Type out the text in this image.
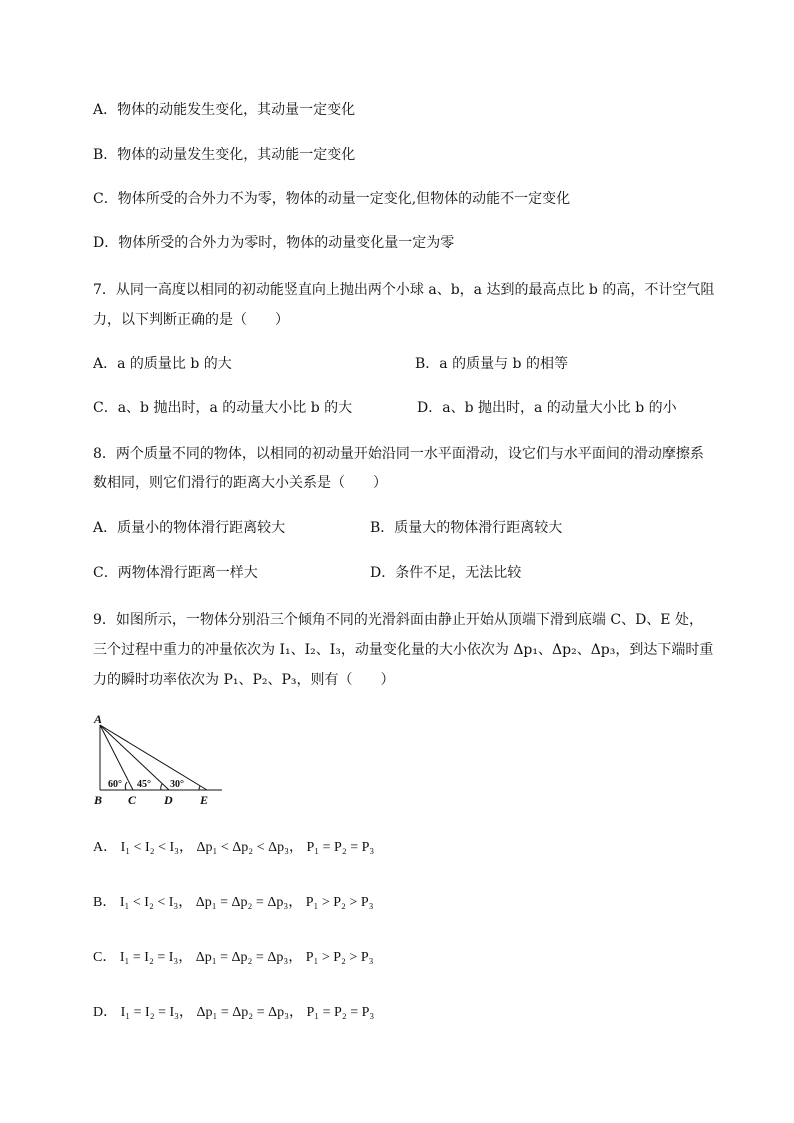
A．物体的动能发生变化，其动量一定变化
B．物体的动量发生变化，其动能一定变化
C．物体所受的合外力不为零，物体的动量一定变化,但物体的动能不一定变化
D．物体所受的合外力为零时，物体的动量变化量一定为零
7．从同一高度以相同的初动能竖直向上抛出两个小球 a、b，a 达到的最高点比 b 的高，不计空气阻
力，以下判断正确的是（　　）
A．a 的质量比 b 的大	B．a 的质量与 b 的相等
C．a、b 抛出时，a 的动量大小比 b 的大	D．a、b 抛出时，a 的动量大小比 b 的小
8．两个质量不同的物体，以相同的初动量开始沿同一水平面滑动，设它们与水平面间的滑动摩擦系
数相同，则它们滑行的距离大小关系是（　　）
A．质量小的物体滑行距离较大	B．质量大的物体滑行距离较大
C．两物体滑行距离一样大	D．条件不足，无法比较
9．如图所示，一物体分别沿三个倾角不同的光滑斜面由静止开始从顶端下滑到底端 C、D、E 处，
三个过程中重力的冲量依次为 I₁、I₂、I₃，动量变化量的大小依次为 Δp₁、Δp₂、Δp₃，到达下端时重
力的瞬时功率依次为 P₁、P₂、P₃，则有（　　）
A
B C D E
60° 45° 30°
A． I₁ < I₂ < I₃， Δp₁ < Δp₂ < Δp₃， P₁ = P₂ = P₃
B． I₁ < I₂ < I₃， Δp₁ = Δp₂ = Δp₃， P₁ > P₂ > P₃
C． I₁ = I₂ = I₃， Δp₁ = Δp₂ = Δp₃， P₁ > P₂ > P₃
D． I₁ = I₂ = I₃， Δp₁ = Δp₂ = Δp₃， P₁ = P₂ = P₃
